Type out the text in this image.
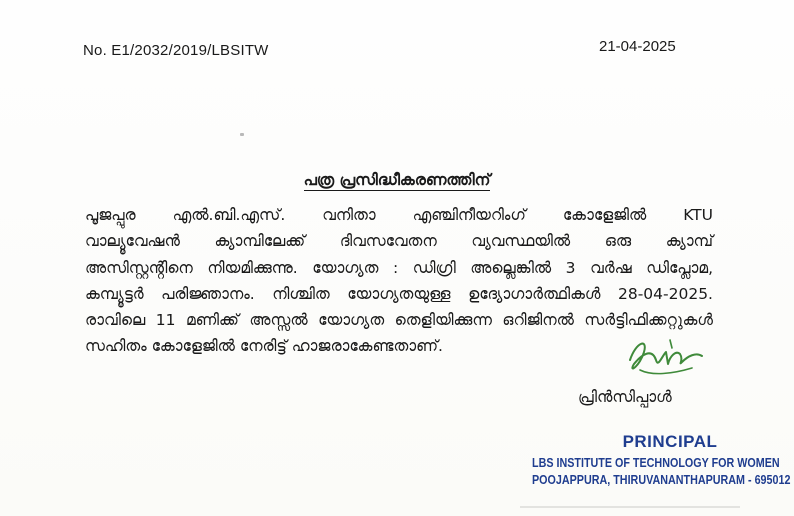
No. E1/2032/2019/LBSITW	21-04-2025
പത്ര പ്രസിദ്ധീകരണത്തിന്
പൂജപ്പുര എൽ.ബി.എസ്. വനിതാ എഞ്ചിനീയറിംഗ് കോളേജിൽ KTU
വാല്യൂവേഷൻ ക്യാമ്പിലേക്ക് ദിവസവേതന വ്യവസ്ഥയിൽ ഒരു ക്യാമ്പ്
അസിസ്റ്റൻ്റിനെ നിയമിക്കുന്നു. യോഗ്യത : ഡിഗ്രി അല്ലെങ്കിൽ 3 വർഷ ഡിപ്ലോമ,
കമ്പ്യൂട്ടർ പരിജ്ഞാനം. നിശ്ചിത യോഗ്യതയുള്ള ഉദ്യോഗാർത്ഥികൾ 28-04-2025.
രാവിലെ 11 മണിക്ക് അസ്സൽ യോഗ്യത തെളിയിക്കുന്ന ഒറിജിനൽ സർട്ടിഫിക്കറ്റുകൾ
സഹിതം കോളേജിൽ നേരിട്ട് ഹാജരാകേണ്ടതാണ്.
പ്രിൻസിപ്പാൾ
PRINCIPAL
LBS INSTITUTE OF TECHNOLOGY FOR WOMEN
POOJAPPURA, THIRUVANANTHAPURAM - 695012
